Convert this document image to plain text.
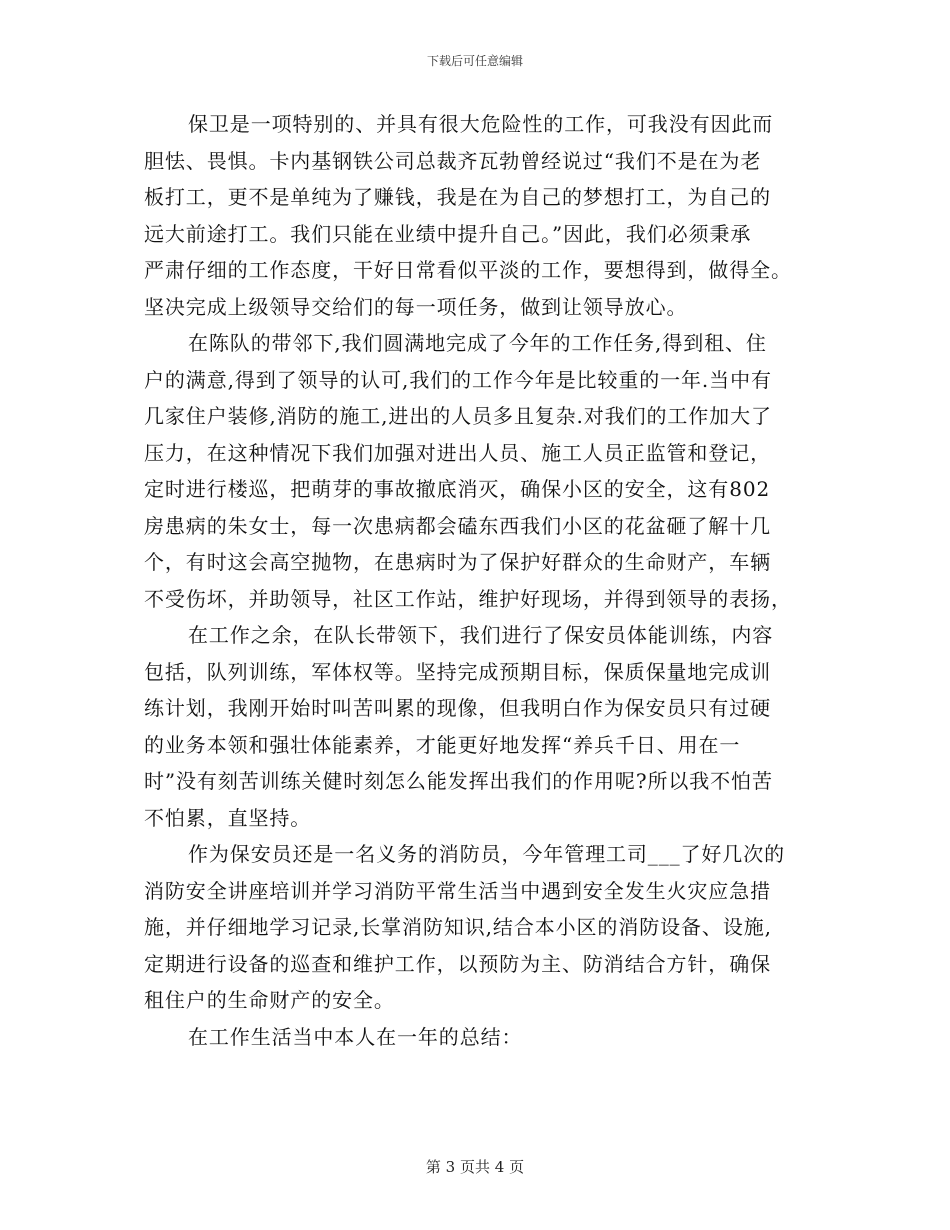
下载后可任意编辑
保卫是一项特别的、并具有很大危险性的工作，可我没有因此而
胆怯、畏惧。卡内基钢铁公司总裁齐瓦勃曾经说过“我们不是在为老
板打工，更不是单纯为了赚钱，我是在为自己的梦想打工，为自己的
远大前途打工。我们只能在业绩中提升自己。”因此，我们必须秉承
严肃仔细的工作态度，干好日常看似平淡的工作，要想得到，做得全。
坚决完成上级领导交给们的每一项任务，做到让领导放心。
在陈队的带邻下,我们圆满地完成了今年的工作任务,得到租、住
户的满意,得到了领导的认可,我们的工作今年是比较重的一年.当中有
几家住户装修,消防的施工,进出的人员多且复杂.对我们的工作加大了
压力，在这种情况下我们加强对进出人员、施工人员正监管和登记，
定时进行楼巡，把萌芽的事故撤底消灭，确保小区的安全，这有802
房患病的朱女士，每一次患病都会磕东西我们小区的花盆砸了解十几
个，有时这会高空抛物，在患病时为了保护好群众的生命财产，车辆
不受伤坏，并助领导，社区工作站，维护好现场，并得到领导的表扬，
在工作之余，在队长带领下，我们进行了保安员体能训练，内容
包括，队列训练，军体权等。坚持完成预期目标，保质保量地完成训
练计划，我刚开始时叫苦叫累的现像，但我明白作为保安员只有过硬
的业务本领和强壮体能素养，才能更好地发挥“养兵千日、用在一
时”没有刻苦训练关健时刻怎么能发挥出我们的作用呢?所以我不怕苦
不怕累，直坚持。
作为保安员还是一名义务的消防员，今年管理工司___了好几次的
消防安全讲座培训并学习消防平常生活当中遇到安全发生火灾应急措
施，并仔细地学习记录,长掌消防知识,结合本小区的消防设备、设施,
定期进行设备的巡查和维护工作，以预防为主、防消结合方针，确保
租住户的生命财产的安全。
在工作生活当中本人在一年的总结：
第 3 页共 4 页
